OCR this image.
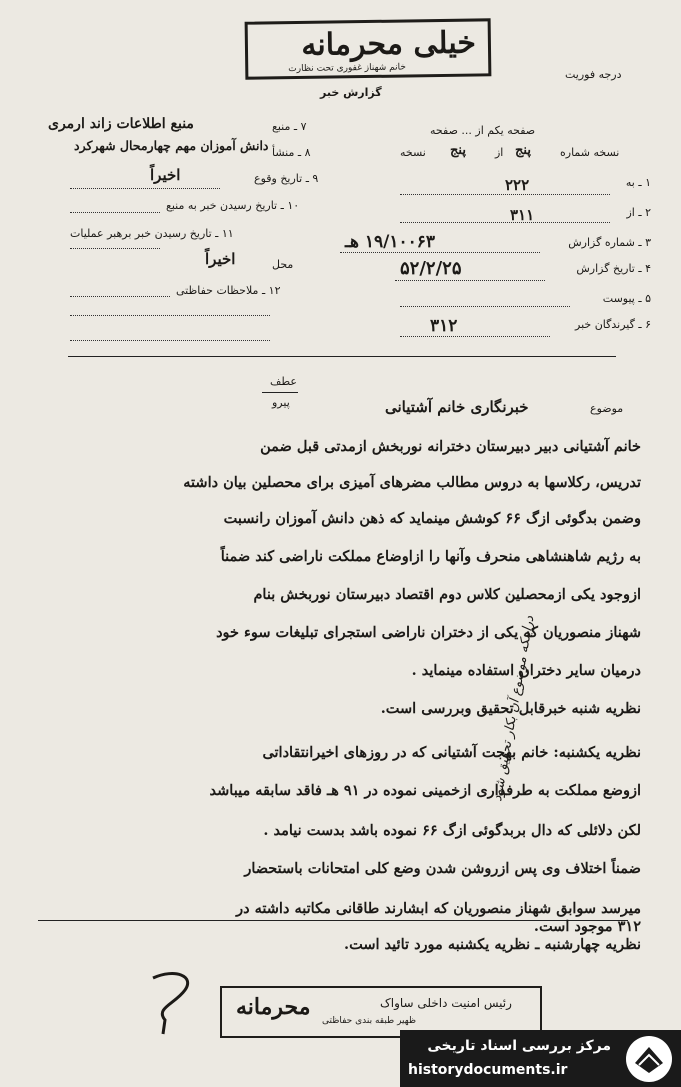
خیلی محرمانه
خانم شهناز غفوری تحت نظارت
گزارش خبر
درجه فوریت
صفحه یکم از ... صفحه
نسخه شماره
پنج
از
پنج
نسخه
۱ ـ به
۲۲۲
۲ ـ از
۳۱۱
۳ ـ شماره گزارش
۱۹/۱۰۰۶۳ هـ
۴ ـ تاریخ گزارش
۵۲/۲/۲۵
۵ ـ پیوست
۶ ـ گیرندگان خبر
۳۱۲
۷ ـ منبع
منبع اطلاعات زاند ارمری
۸ ـ منشأ
دانش آموزان مهم چهارمحال شهرکرد
۹ ـ تاریخ وقوع
اخیراً
۱۰ ـ تاریخ رسیدن خبر به منبع
۱۱ ـ تاریخ رسیدن خبر برهبر عملیات
محل
اخیراً
۱۲ ـ ملاحظات حفاظتی
عطف
پیرو	موضوع
خبرنگاری خانم آشتیانی
خانم آشتیانی دبیر دبیرستان دخترانه نوربخش ازمدتی قبل ضمن
تدریس، رکلاسها به دروس مطالب مضرهای آمیزی برای محصلین بیان داشته
وضمن بدگوئی ازگ ۶۶ کوشش مینماید که ذهن دانش آموزان رانسبت
به رژیم شاهنشاهی منحرف وآنها را ازاوضاع مملکت ناراضی کند ضمناً
ازوجود یکی ازمحصلین کلاس دوم اقتصاد دبیرستان نوربخش بنام
شهناز منصوریان که یکی از دختران ناراضی استجرای تبلیغات سوء خود
درمیان سایر دختران استفاده مینماید .
نظریه شنبه خبرقابل تحقیق وبررسی است.
نظریه یکشنبه: خانم بهجت آشتیانی که در روزهای اخیرانتقاداتی
ازوضع مملکت به طرفداری ازخمینی نموده در ۹۱ هـ فاقد سابقه میباشد
لکن دلائلی که دال بربدگوئی ازگ ۶۶ نموده باشد بدست نیامد .
ضمناً اختلاف وی پس ازروشن شدن وضع کلی امتحانات باستحضار
میرسد سوابق شهناز منصوریان که ابشارند طاقانی مکاتبه داشته در
۳۱۲ موجود است.
نظریه چهارشنبه ـ نظریه یکشنبه مورد تائید است.
دراینکه موضوع آن بکار تحقیق شود
محرمانه
ظهیر طبقه بندی حفاظتی
رئیس امنیت داخلی ساواک
مرکز بررسی اسناد تاریخی
historydocuments.ir
